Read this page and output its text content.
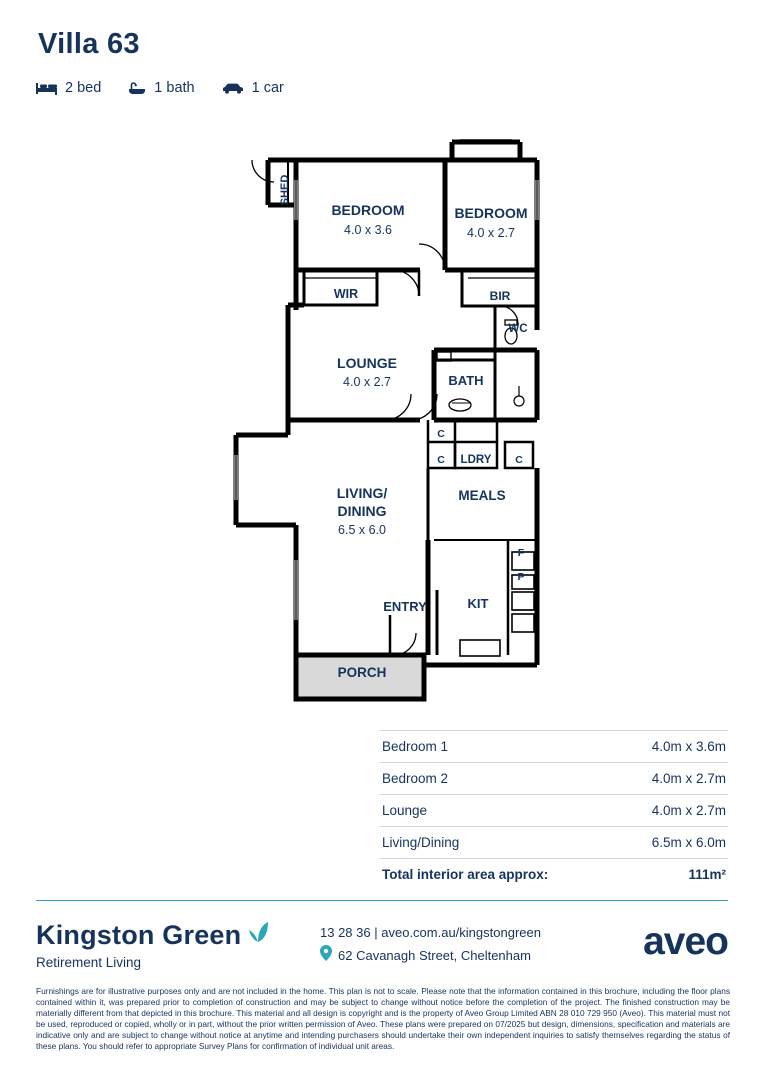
Villa 63
2 bed	1 bath	1 car
SHED
BEDROOM
4.0 x 3.6
BEDROOM
4.0 x 2.7
WIR	BIR
WC
LOUNGE
4.0 x 2.7	BATH
C
C LDRY C
LIVING/
DINING
6.5 x 6.0
MEALS
F
P
ENTRY	KIT
PORCH
Bedroom 1	4.0m x 3.6m
Bedroom 2	4.0m x 2.7m
Lounge	4.0m x 2.7m
Living/Dining	6.5m x 6.0m
Total interior area approx:	111m²
Kingston Green
Retirement Living
13 28 36 | aveo.com.au/kingstongreen
62 Cavanagh Street, Cheltenham	aveo
Furnishings are for illustrative purposes only and are not included in the home. This plan is not to scale. Please note that the information contained in this brochure, including the floor plans contained within it, was prepared prior to completion of construction and may be subject to change without notice before the completion of the project. The finished construction may be materially different from that depicted in this brochure. This material and all design is copyright and is the property of Aveo Group Limited ABN 28 010 729 950 (Aveo). This material must not be used, reproduced or copied, wholly or in part, without the prior written permission of Aveo. These plans were prepared on 07/2025 but design, dimensions, specification and materials are indicative only and are subject to change without notice at anytime and intending purchasers should undertake their own independent inquiries to satisfy themselves regarding the status of these plans. You should refer to appropriate Survey Plans for confirmation of individual unit areas.
